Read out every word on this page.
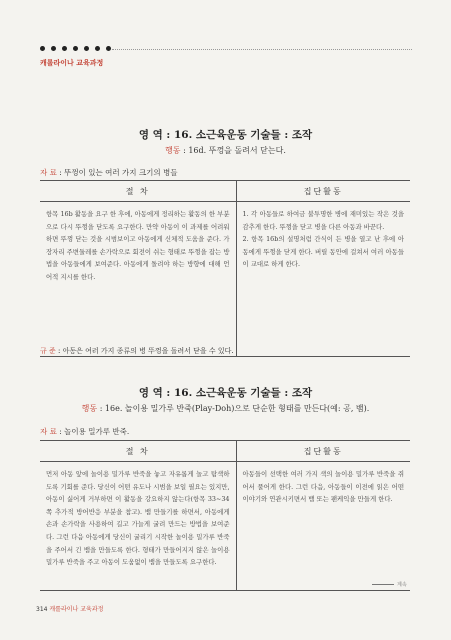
캐롤라이나 교육과정
영 역 : 16. 소근육운동 기술들 : 조작
행동 : 16d. 뚜껑을 돌려서 닫는다.
자 료 : 뚜껑이 있는 여러 가지 크기의 병들
절 차	집단활동
항목 16b 활동을 요구 한 후에, 아동에게 정리하는 활동의 한 부분으로 다시 뚜껑을 닫도록 요구한다. 만약 아동이 이 과제를 어려워하면 뚜껑 닫는 것을 시범보이고 아동에게 신체적 도움을 준다. 가장자리 주변둘레를 손가락으로 회전이 쉬는 형태로 뚜껑을 잡는 방법을 아동들에게 보여준다. 아동에게 돌려야 하는 방향에 대해 언어적 지시를 한다.	1. 각 아동들로 하여금 불투명한 병에 재미있는 작은 것을 감추게 한다. 뚜껑을 닫고 병을 다른 아동과 바꾼다.
2. 항목 16b의 설명처럼 간식이 든 병을 열고 난 후에 아동에게 뚜껑을 닫게 한다. 버릴 동안에 걸쳐서 여러 아동들이 교대로 하게 한다.
규 준 : 아동은 여러 가지 종류의 병 뚜껑을 돌려서 닫을 수 있다.
영 역 : 16. 소근육운동 기술들 : 조작
행동 : 16e. 놀이용 밀가루 반죽(Play-Doh)으로 단순한 형태를 만든다(예: 공, 뱀).
자 료 : 놀이용 밀가루 반죽.
절 차	집단활동
먼저 아동 앞에 놀이용 밀가루 반죽을 놓고 자유롭게 놀고 탐색하도록 기회를 준다. 당신이 어떤 유도나 시범을 보일 필요는 있지만, 아동이 싫어게 거부하면 이 활동을 강요하지 않는다(항목 33~34쪽 추가적 방어반응 부분을 참고). 뱀 만들기를 하면서, 아동에게 손과 손가락을 사용하여 길고 가늘게 굴려 만드는 방법을 보여준다. 그런 다음 아동에게 당신이 굴리기 시작한 놀이용 밀가루 반죽을 주어서 긴 뱀을 만들도록 한다. 형태가 만들어지지 않은 놀이용 밀가루 반죽을 주고 아동이 도움없이 뱀을 만들도록 요구한다.	아동들이 선택한 여러 가지 색의 놀이용 밀가루 반죽을 쥐어서 풀어게 한다. 그런 다음, 아동들이 이전에 읽은 어떤 이야기와 연관시키면서 뱀 또는 팬케익을 만들게 한다.
계속
314 캐롤라이나 교육과정
